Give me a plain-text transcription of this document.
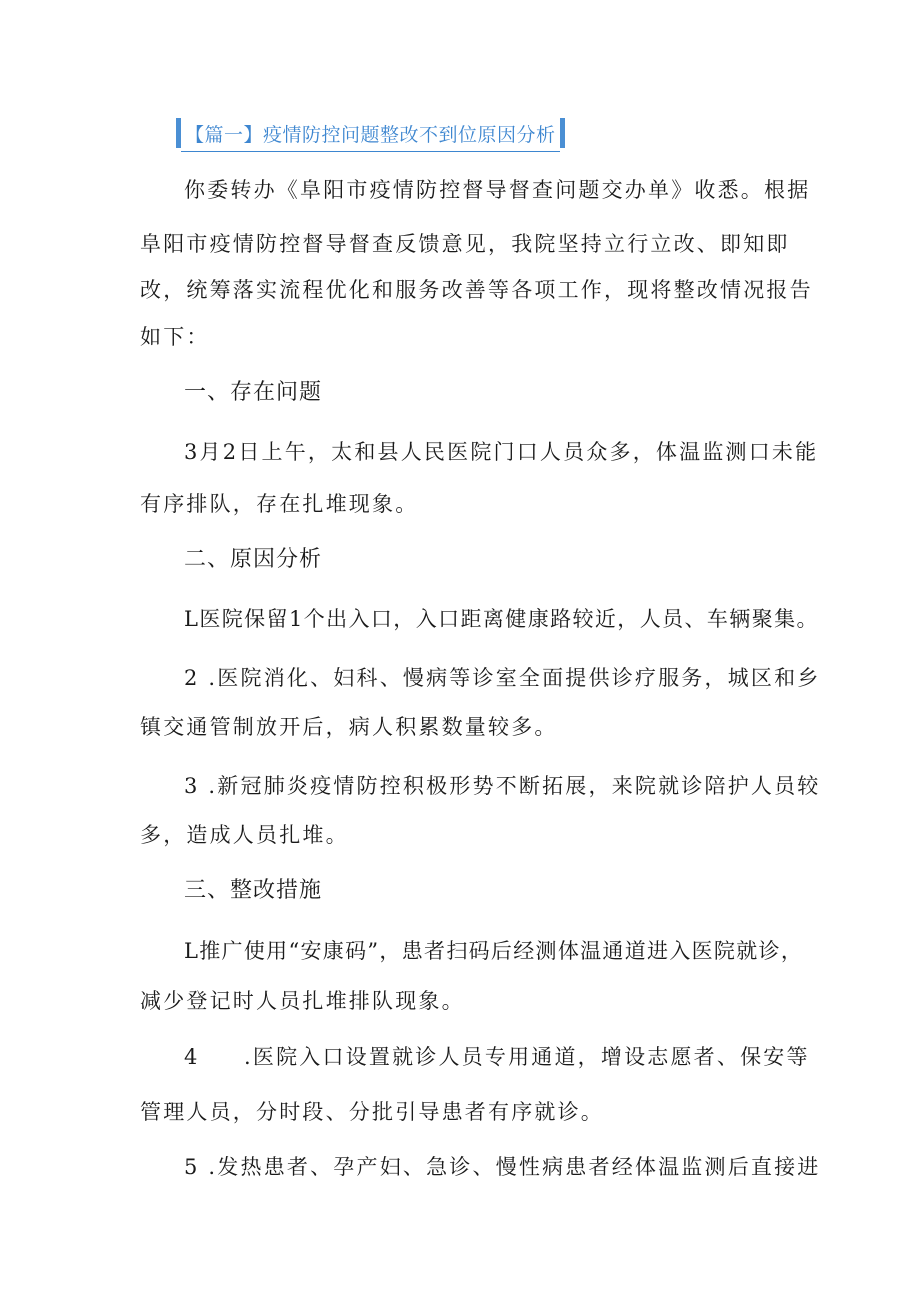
【篇一】疫情防控问题整改不到位原因分析
你委转办《阜阳市疫情防控督导督查问题交办单》收悉。根据
阜阳市疫情防控督导督查反馈意见，我院坚持立行立改、即知即
改，统筹落实流程优化和服务改善等各项工作，现将整改情况报告
如下：
一、存在问题
3月2日上午，太和县人民医院门口人员众多，体温监测口未能
有序排队，存在扎堆现象。
二、原因分析
L医院保留1个出入口，入口距离健康路较近，人员、车辆聚集。
2 .医院消化、妇科、慢病等诊室全面提供诊疗服务，城区和乡
镇交通管制放开后，病人积累数量较多。
3 .新冠肺炎疫情防控积极形势不断拓展，来院就诊陪护人员较
多，造成人员扎堆。
三、整改措施
L推广使用“安康码”，患者扫码后经测体温通道进入医院就诊，
减少登记时人员扎堆排队现象。
4 .医院入口设置就诊人员专用通道，增设志愿者、保安等
管理人员，分时段、分批引导患者有序就诊。
5 .发热患者、孕产妇、急诊、慢性病患者经体温监测后直接进
